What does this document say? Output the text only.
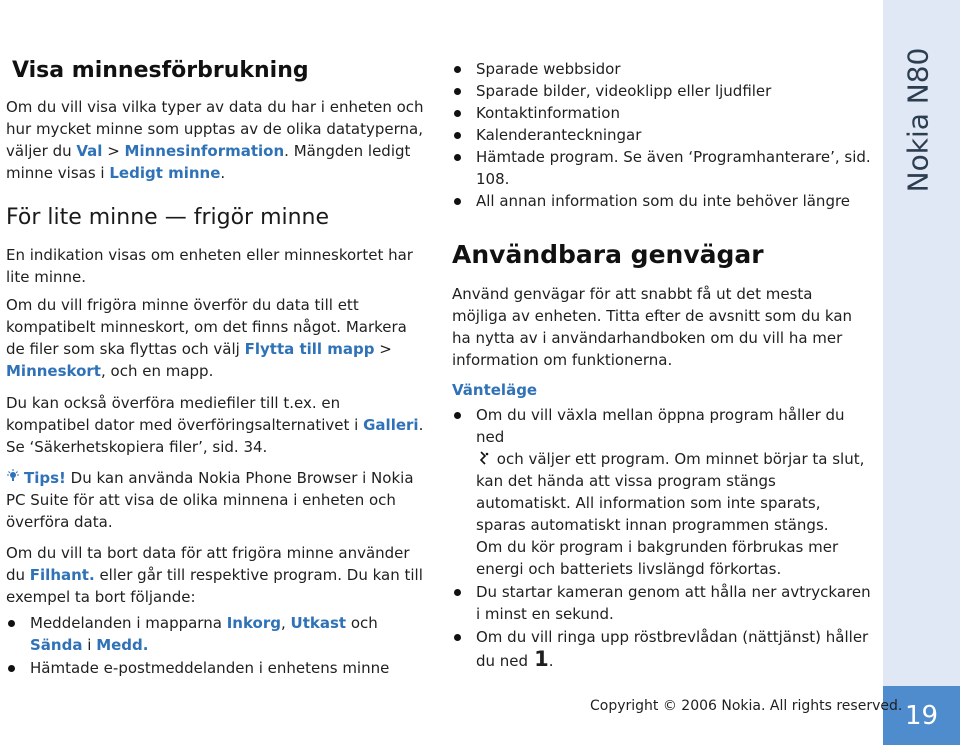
Visa minnesförbrukning

Om du vill visa vilka typer av data du har i enheten och hur mycket minne som upptas av de olika datatyperna, väljer du Val > Minnesinformation. Mängden ledigt minne visas i Ledigt minne.

För lite minne — frigör minne

En indikation visas om enheten eller minneskortet har lite minne.

Om du vill frigöra minne överför du data till ett kompatibelt minneskort, om det finns något. Markera de filer som ska flyttas och välj Flytta till mapp > Minneskort, och en mapp.

Du kan också överföra mediefiler till t.ex. en kompatibel dator med överföringsalternativet i Galleri. Se ‘Säkerhetskopiera filer’, sid. 34.

Tips! Du kan använda Nokia Phone Browser i Nokia PC Suite för att visa de olika minnena i enheten och överföra data.

Om du vill ta bort data för att frigöra minne använder du Filhant. eller går till respektive program. Du kan till exempel ta bort följande:

Meddelanden i mapparna Inkorg, Utkast och Sända i Medd.
Hämtade e-postmeddelanden i enhetens minne
Sparade webbsidor
Sparade bilder, videoklipp eller ljudfiler
Kontaktinformation
Kalenderanteckningar
Hämtade program. Se även ‘Programhanterare’, sid. 108.
All annan information som du inte behöver längre

Användbara genvägar

Använd genvägar för att snabbt få ut det mesta möjliga av enheten. Titta efter de avsnitt som du kan ha nytta av i användarhandboken om du vill ha mer information om funktionerna.

Vänteläge

Om du vill växla mellan öppna program håller du ned
och väljer ett program. Om minnet börjar ta slut, kan det hända att vissa program stängs automatiskt. All information som inte sparats, sparas automatiskt innan programmen stängs.
Om du kör program i bakgrunden förbrukas mer energi och batteriets livslängd förkortas.
Du startar kameran genom att hålla ner avtryckaren i minst en sekund.
Om du vill ringa upp röstbrevlådan (nättjänst) håller du ned 1.
Nokia N80
19
Copyright © 2006 Nokia. All rights reserved.
